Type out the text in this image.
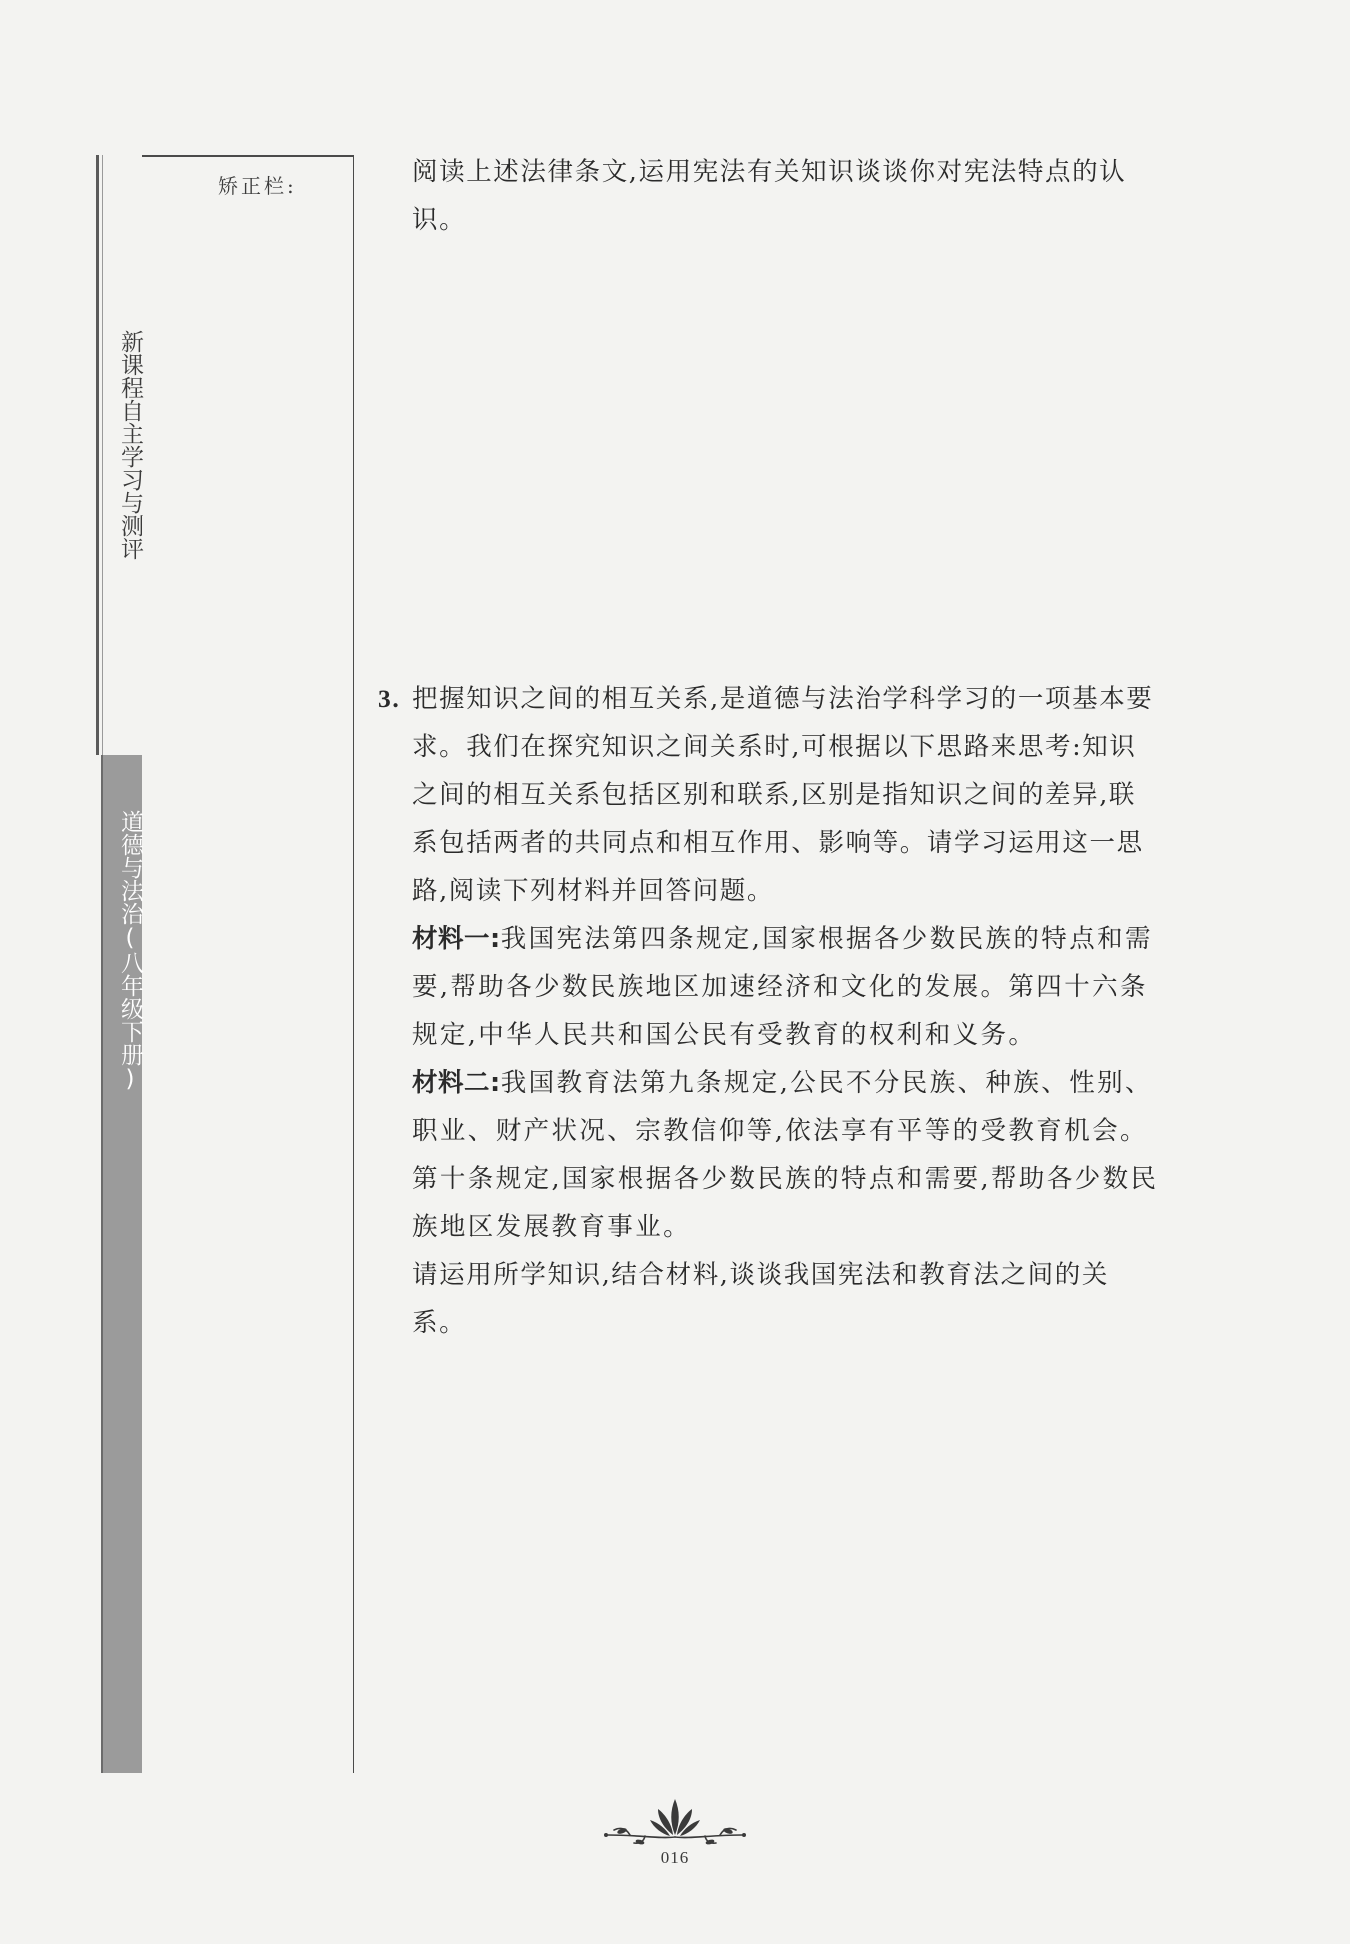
新课程自主学习与测评
道德与法治(八年级下册)
矫正栏:	阅读上述法律条文,运用宪法有关知识谈谈你对宪法特点的认识。

3. 把握知识之间的相互关系,是道德与法治学科学习的一项基本要求。我们在探究知识之间关系时,可根据以下思路来思考:知识之间的相互关系包括区别和联系,区别是指知识之间的差异,联系包括两者的共同点和相互作用、影响等。请学习运用这一思路,阅读下列材料并回答问题。

材料一:我国宪法第四条规定,国家根据各少数民族的特点和需要,帮助各少数民族地区加速经济和文化的发展。第四十六条规定,中华人民共和国公民有受教育的权利和义务。

材料二:我国教育法第九条规定,公民不分民族、种族、性别、职业、财产状况、宗教信仰等,依法享有平等的受教育机会。第十条规定,国家根据各少数民族的特点和需要,帮助各少数民族地区发展教育事业。

请运用所学知识,结合材料,谈谈我国宪法和教育法之间的关系。

016
